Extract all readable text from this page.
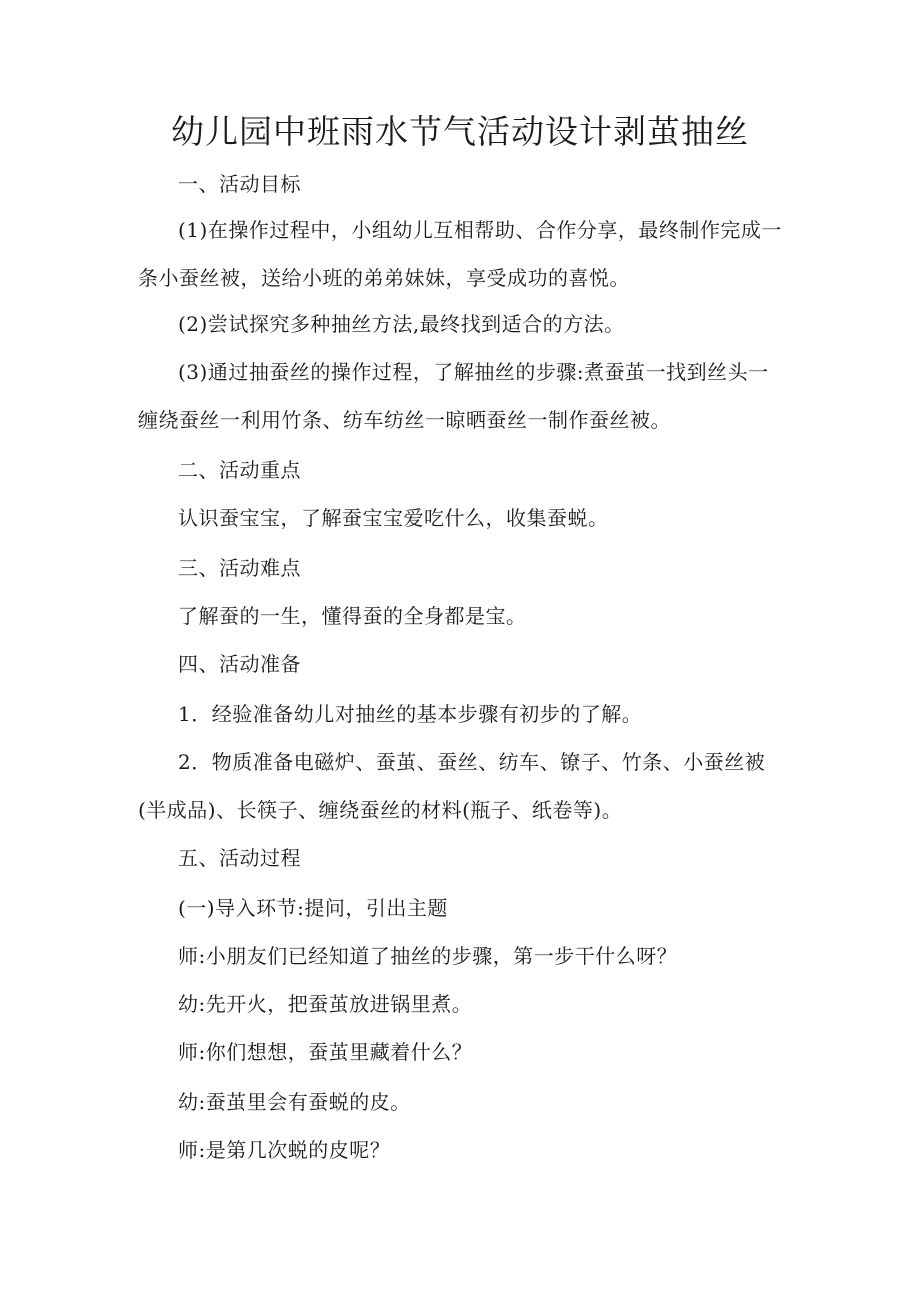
幼儿园中班雨水节气活动设计剥茧抽丝

一、活动目标

(1)在操作过程中，小组幼儿互相帮助、合作分享，最终制作完成一条小蚕丝被，送给小班的弟弟妹妹，享受成功的喜悦。

(2)尝试探究多种抽丝方法,最终找到适合的方法。

(3)通过抽蚕丝的操作过程，了解抽丝的步骤:煮蚕茧一找到丝头一缠绕蚕丝一利用竹条、纺车纺丝一晾晒蚕丝一制作蚕丝被。

二、活动重点

认识蚕宝宝，了解蚕宝宝爱吃什么，收集蚕蜕。

三、活动难点

了解蚕的一生，懂得蚕的全身都是宝。

四、活动准备

1．经验准备幼儿对抽丝的基本步骤有初步的了解。

2．物质准备电磁炉、蚕茧、蚕丝、纺车、镣子、竹条、小蚕丝被(半成品)、长筷子、缠绕蚕丝的材料(瓶子、纸卷等)。

五、活动过程

(一)导入环节:提问，引出主题

师:小朋友们已经知道了抽丝的步骤，第一步干什么呀？

幼:先开火，把蚕茧放进锅里煮。

师:你们想想，蚕茧里藏着什么？

幼:蚕茧里会有蚕蜕的皮。

师:是第几次蜕的皮呢？
